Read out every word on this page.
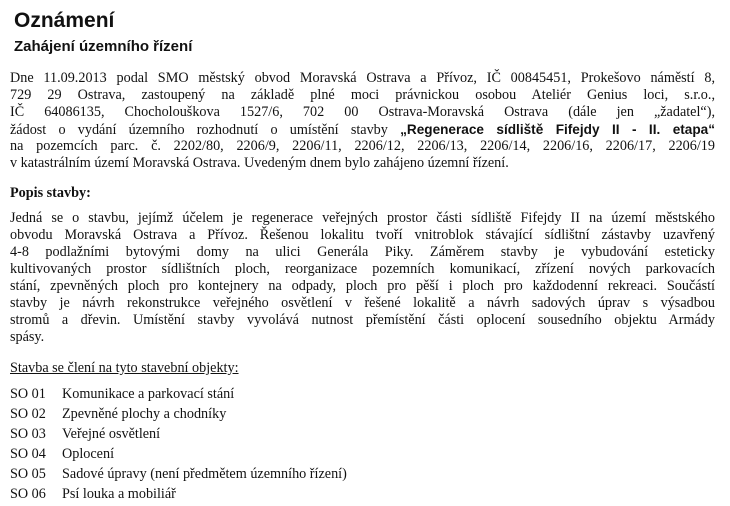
Oznámení
Zahájení územního řízení
Dne 11.09.2013 podal SMO městský obvod Moravská Ostrava a Přívoz, IČ 00845451, Prokešovo náměstí 8,
729 29 Ostrava, zastoupený na základě plné moci právnickou osobou Ateliér Genius loci, s.r.o.,
IČ 64086135, Chocholouškova 1527/6, 702 00 Ostrava-Moravská Ostrava (dále jen „žadatel“),
žádost o vydání územního rozhodnutí o umístění stavby „Regenerace sídliště Fifejdy II - II. etapa“
na pozemcích parc. č. 2202/80, 2206/9, 2206/11, 2206/12, 2206/13, 2206/14, 2206/16, 2206/17, 2206/19
v katastrálním území Moravská Ostrava. Uvedeným dnem bylo zahájeno územní řízení.
Popis stavby:
Jedná se o stavbu, jejímž účelem je regenerace veřejných prostor části sídliště Fifejdy II na území městského
obvodu Moravská Ostrava a Přívoz. Řešenou lokalitu tvoří vnitroblok stávající sídlištní zástavby uzavřený
4-8 podlažními bytovými domy na ulici Generála Piky. Záměrem stavby je vybudování esteticky
kultivovaných prostor sídlištních ploch, reorganizace pozemních komunikací, zřízení nových parkovacích
stání, zpevněných ploch pro kontejnery na odpady, ploch pro pěší i ploch pro každodenní rekreaci. Součástí
stavby je návrh rekonstrukce veřejného osvětlení v řešené lokalitě a návrh sadových úprav s výsadbou
stromů a dřevin. Umístění stavby vyvolává nutnost přemístění části oplocení sousedního objektu Armády
spásy.
Stavba se člení na tyto stavební objekty:
SO 01 Komunikace a parkovací stání
SO 02 Zpevněné plochy a chodníky
SO 03 Veřejné osvětlení
SO 04 Oplocení
SO 05 Sadové úpravy (není předmětem územního řízení)
SO 06 Psí louka a mobiliář
